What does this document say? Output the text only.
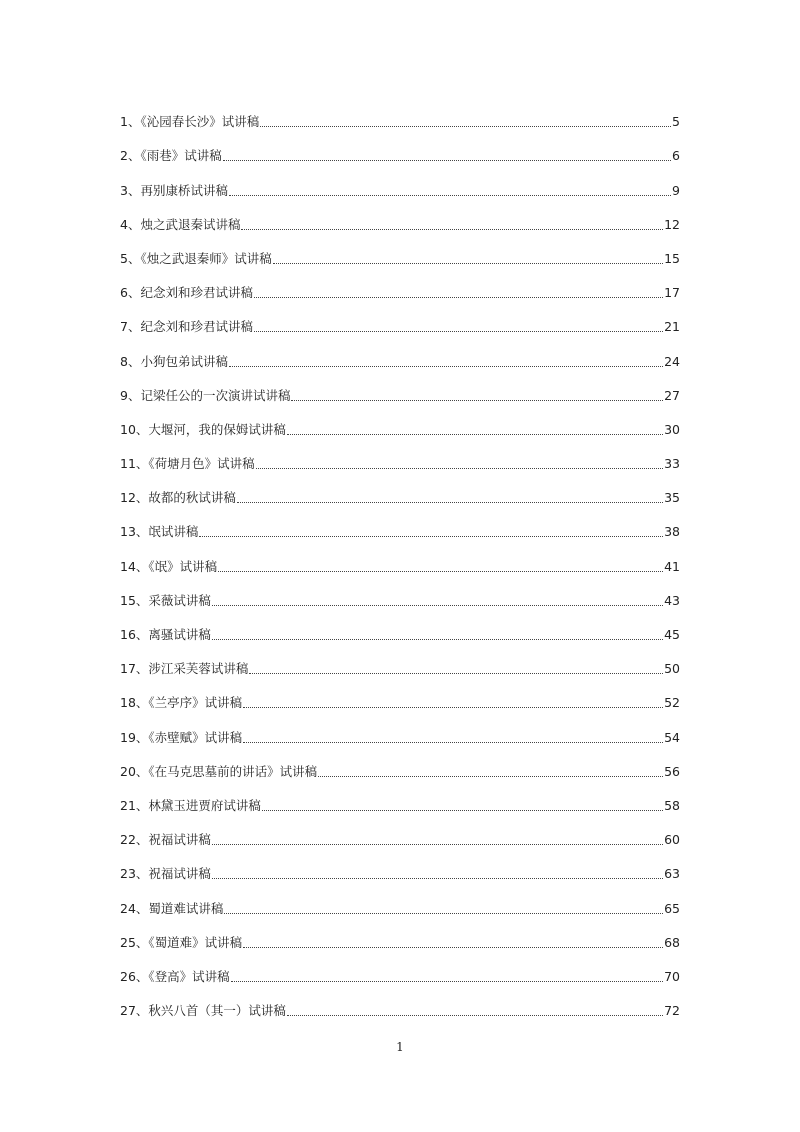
1、《沁园春长沙》试讲稿	5
2、《雨巷》试讲稿	6
3、再别康桥试讲稿	9
4、烛之武退秦试讲稿	12
5、《烛之武退秦师》试讲稿	15
6、纪念刘和珍君试讲稿	17
7、纪念刘和珍君试讲稿	21
8、小狗包弟试讲稿	24
9、记梁任公的一次演讲试讲稿	27
10、大堰河，我的保姆试讲稿	30
11、《荷塘月色》试讲稿	33
12、故都的秋试讲稿	35
13、氓试讲稿	38
14、《氓》试讲稿	41
15、采薇试讲稿	43
16、离骚试讲稿	45
17、涉江采芙蓉试讲稿	50
18、《兰亭序》试讲稿	52
19、《赤壁赋》试讲稿	54
20、《在马克思墓前的讲话》试讲稿	56
21、林黛玉进贾府试讲稿	58
22、祝福试讲稿	60
23、祝福试讲稿	63
24、蜀道难试讲稿	65
25、《蜀道难》试讲稿	68
26、《登高》试讲稿	70
27、秋兴八首（其一）试讲稿	72
1
